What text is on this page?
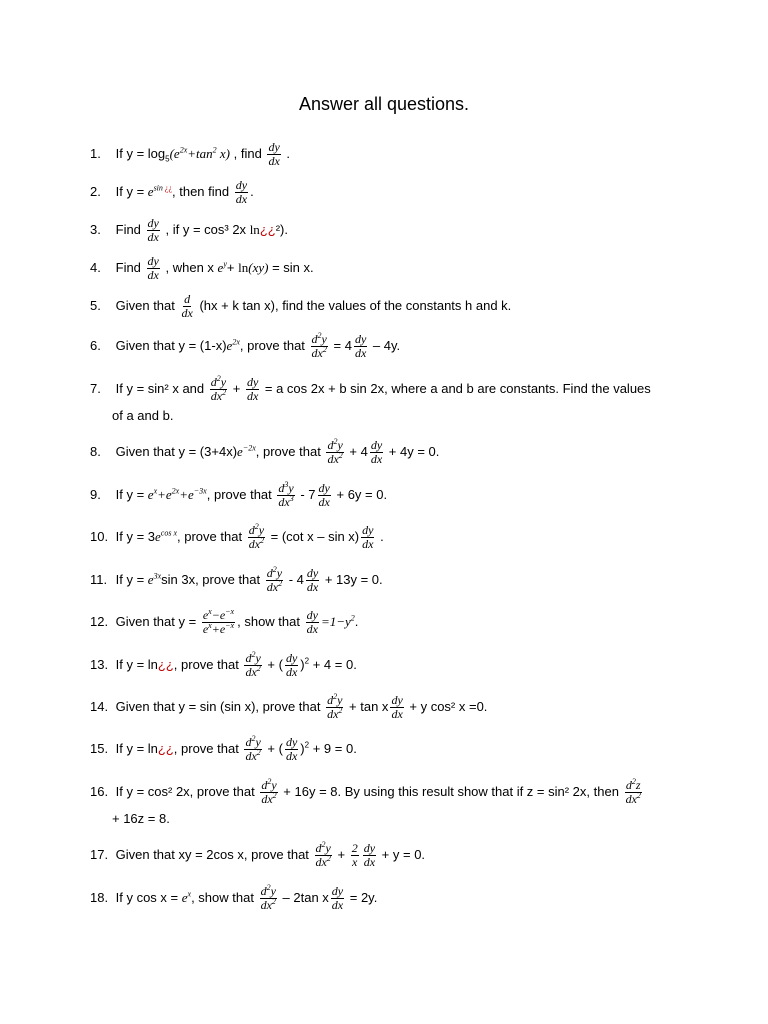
Answer all questions.
1. If $y = \log_5(e^{2x}+\tan^2$ x) , find $\frac{dy}{dx}$ .
2. If $y = e^{sin ¿¿}$, then find $\frac{dy}{dx}$ .
3. Find $\frac{dy}{dx}$ , if y = cos³ 2x ln¿¿²).
4. Find $\frac{dy}{dx}$ , when x $e^y+ \ln(xy) = \sin x$.
5. Given that $\frac{d}{dx} (hx + k$ tan x), find the values of the constants h and k.
6. Given that $y = (1-x)e^{2x}$, prove that $\frac{d^2y}{dx^2} = 4 \frac{dy}{dx} - 4y$.
7. If y = sin² x and $\frac{d^2y}{dx^2} + \frac{dy}{dx} = a$ cos 2x + b sin 2x, where a and b are constants. Find the values
of a and b.
8. Given that $y = (3+4x)e^{-2x}$, prove that $\frac{d^2y}{dx^2} + 4 \frac{dy}{dx} + 4y = 0$.
9. If $y = e^x+e^{2x}+e^{-3x}$, prove that $\frac{d^3y}{dx^3} - 7 \frac{dy}{dx} + 6y = 0$.
10. If $y = 3e^{cos x}$, prove that $\frac{d^2y}{dx^2} = (\cot$ x – $\sin x) \frac{dy}{dx}$ .
11. If $y = e^{3x}\sin$ 3x, prove that $\frac{d^2y}{dx^2} - 4 \frac{dy}{dx} + 13y = 0$.
12. Given that $y = \frac{e^x-e^{-x}}{e^x+e^{-x}}$ , show that $\frac{dy}{dx} =1-y^2$.
13. If y = ln¿¿, prove that $\frac{d^2y}{dx^2}$ + ( $\frac{dy}{dx} )^2 + 4 = 0$.
14. Given that y = sin (sin x), prove that $\frac{d^2y}{dx^2} + \tan x \frac{dy}{dx} + y$ cos² x =0.
15. If y = ln¿¿, prove that $\frac{d^2y}{dx^2}$ + ( $\frac{dy}{dx} )^2 + 9 = 0$.
16. If y = cos² 2x, prove that $\frac{d^2y}{dx^2} + 16y = 8$. By using this result show that if z = sin² 2x, then $\frac{d^2z}{dx^2}$
+ 16z = 8.
17. Given that xy = 2cos x, prove that $\frac{d^2y}{dx^2} + \frac{2}{x} \frac{dy}{dx} + y = 0$.
18. If y $\cos x = e^x$, show that $\frac{d^2y}{dx^2} - 2\tan$ x $\frac{dy}{dx} = 2y$.
